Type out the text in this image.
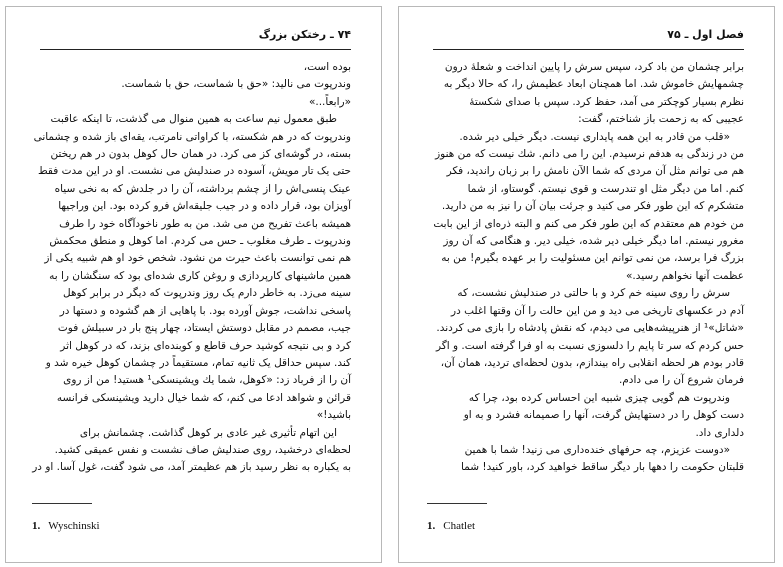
۷۴ ـ رختکن بزرگ

بوده است،

وندرپوت می نالید: «حق با شماست، حق با شماست.

«رابعاً...»

طبق معمول نیم ساعت به همین منوال می گذشت، تا اینکه عاقبت

وندرپوت که در هم شکسته، با کراواتی نامرتب، یقه‌ای باز شده و چشمانی

بسته، در گوشه‌ای کز می کرد. در همان حال کوهل بدون در هم ریختن

حتی یک تار مویش، آسوده در صندلیش می نشست. او در این مدت فقط

عینک پنسی‌اش را از چشم برداشته، آن را در جلدش که به نخی سیاه

آویزان بود، قرار داده و در جیب جلیقه‌اش فرو کرده بود. این وراجیها

همیشه باعث تفریح من می شد. من به طور ناخودآگاه خود را طرف

وندرپوت ـ طرف مغلوب ـ حس می کردم. اما کوهل و منطق محکمش

هم نمی توانست باعث حیرت من نشود. شخص خود او هم شبیه یکی از

همین ماشینهای کارپردازی و روغن کاری شده‌ای بود که سنگشان را به

سینه می‌زد. به خاطر دارم یک روز وندرپوت که دیگر در برابر کوهل

پاسخی نداشت، جوش آورده بود. با پاهایی از هم گشوده و دستها در

جیب، مصمم در مقابل دوستش ایستاد، چهار پنج بار در سبیلش فوت

کرد و بی نتیجه کوشید حرف قاطع و کوبنده‌ای بزند، که در کوهل اثر

کند. سپس حداقل یک ثانیه تمام، مستقیماً در چشمان کوهل خیره شد و

آن را از فرباد زد: «کوهل، شما یك ویشینسکی¹ هستید! من از روی

قرائن و شواهد ادعا می کنم، که شما خیال دارید ویشینسکی فرانسه

باشید!»

این اتهام تأثیری غیر عادی بر کوهل گذاشت. چشمانش برای

لحظه‌ای درخشید، روی صندلیش صاف نشست و نفس عمیقی کشید.

به یکباره به نظر رسید باز هم عظیمتر آمد، می شود گفت، غول آسا. او در

1. Wyschinski
فصل اول ـ ۷۵

برابر چشمان من باد کرد، سپس سرش را پایین انداخت و شعلهٔ درون

چشمهایش خاموش شد. اما همچنان ابعاد عظیمش را، که حالا دیگر به

نظرم بسیار کوچکتر می آمد، حفظ کرد. سپس با صدای شکستهٔ

عجیبی که به زحمت باز شناختم، گفت:

«قلب من قادر به این همه پایداری نیست. دیگر خیلی دیر شده.

من در زندگی به هدفم نرسیدم. این را می دانم. شك نیست که من هنوز

هم می توانم مثل آن مردی که شما الآن نامش را بر زبان راندید، فکر

کنم. اما من دیگر مثل او تندرست و قوی نیستم. گوستاو، از شما

متشکرم که این طور فکر می کنید و جرئت بیان آن را نیز به من دارید.

من خودم هم معتقدم که این طور فکر می کنم و البته ذره‌ای از این بابت

مغرور نیستم. اما دیگر خیلی دیر شده، خیلی دیر. و هنگامی که آن روز

بزرگ فرا برسد، من نمی توانم این مسئولیت را بر عهده بگیرم! من به

عظمت آنها نخواهم رسید.»

سرش را روی سینه خم کرد و با حالتی در صندلیش نشست، که

آدم در عکسهای تاریخی می دید و من این حالت را آن وقتها اغلب در

«شاتل»¹ از هنرپیشه‌هایی می دیدم، که نقش پادشاه را بازی می کردند.

حس کردم که سر تا پایم را دلسوزی نسبت به او فرا گرفته است. و اگر

قادر بودم هر لحظه انقلابی راه بیندازم، بدون لحظه‌ای تردید، همان آن،

فرمان شروع آن را می دادم.

وندرپوت هم گویی چیزی شبیه این احساس کرده بود، چرا که

دست کوهل را در دستهایش گرفت، آنها را صمیمانه فشرد و به او

دلداری داد.

«دوست عزیزم، چه حرفهای خنده‌داری می زنید! شما با همین

قلبتان حکومت را دهها بار دیگر ساقط خواهید کرد، باور کنید! شما

1. Chatlet
